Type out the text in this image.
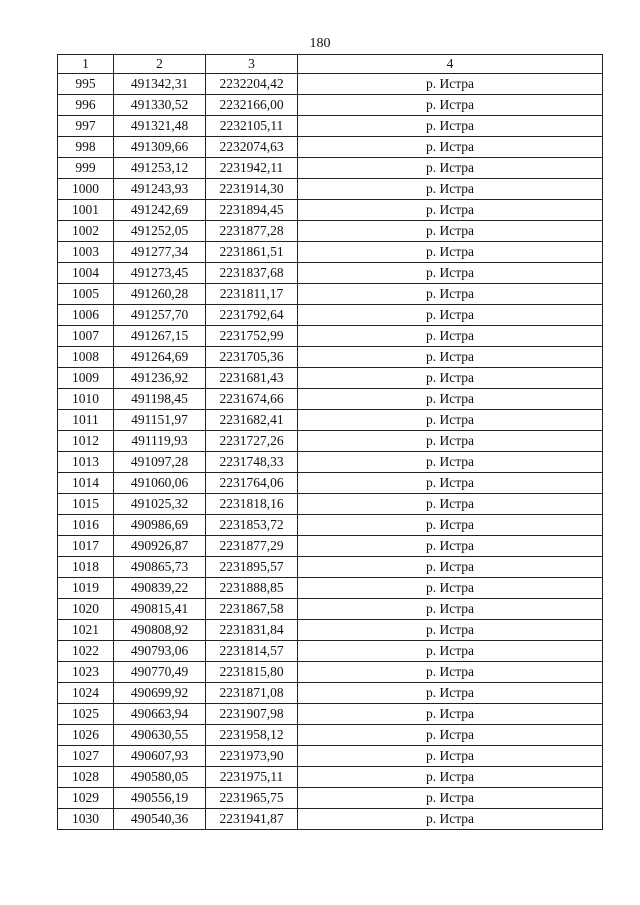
180
1	2	3	4
995	491342,31	2232204,42	р. Истра
996	491330,52	2232166,00	р. Истра
997	491321,48	2232105,11	р. Истра
998	491309,66	2232074,63	р. Истра
999	491253,12	2231942,11	р. Истра
1000	491243,93	2231914,30	р. Истра
1001	491242,69	2231894,45	р. Истра
1002	491252,05	2231877,28	р. Истра
1003	491277,34	2231861,51	р. Истра
1004	491273,45	2231837,68	р. Истра
1005	491260,28	2231811,17	р. Истра
1006	491257,70	2231792,64	р. Истра
1007	491267,15	2231752,99	р. Истра
1008	491264,69	2231705,36	р. Истра
1009	491236,92	2231681,43	р. Истра
1010	491198,45	2231674,66	р. Истра
1011	491151,97	2231682,41	р. Истра
1012	491119,93	2231727,26	р. Истра
1013	491097,28	2231748,33	р. Истра
1014	491060,06	2231764,06	р. Истра
1015	491025,32	2231818,16	р. Истра
1016	490986,69	2231853,72	р. Истра
1017	490926,87	2231877,29	р. Истра
1018	490865,73	2231895,57	р. Истра
1019	490839,22	2231888,85	р. Истра
1020	490815,41	2231867,58	р. Истра
1021	490808,92	2231831,84	р. Истра
1022	490793,06	2231814,57	р. Истра
1023	490770,49	2231815,80	р. Истра
1024	490699,92	2231871,08	р. Истра
1025	490663,94	2231907,98	р. Истра
1026	490630,55	2231958,12	р. Истра
1027	490607,93	2231973,90	р. Истра
1028	490580,05	2231975,11	р. Истра
1029	490556,19	2231965,75	р. Истра
1030	490540,36	2231941,87	р. Истра
